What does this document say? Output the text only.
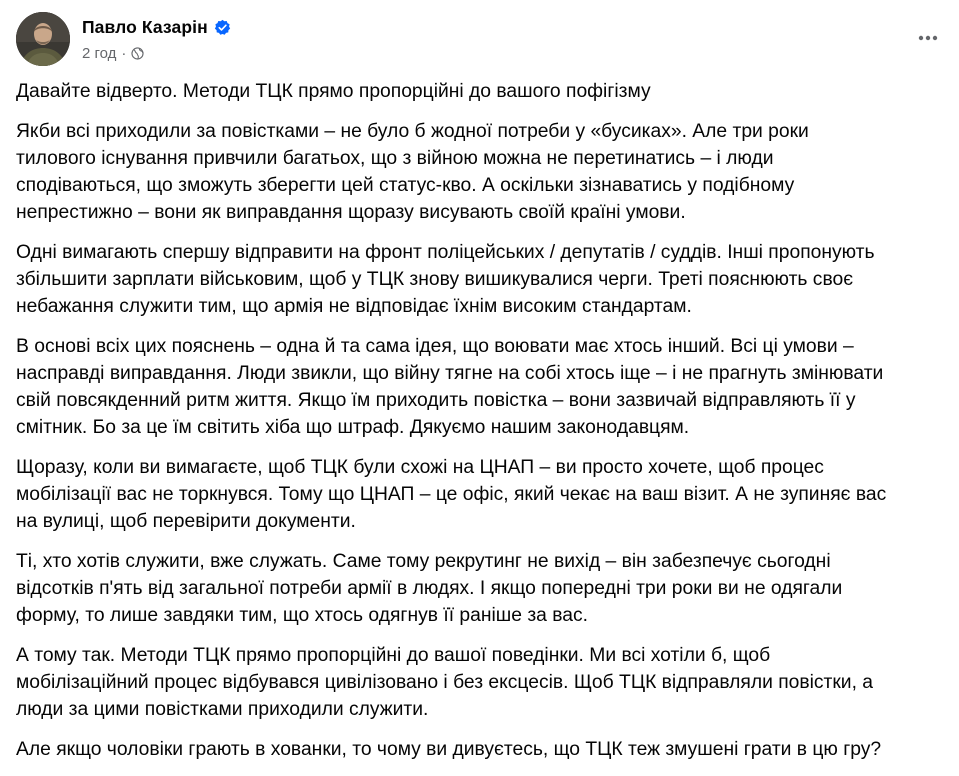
Павло Казарін
2 год ·

Давайте відверто. Методи ТЦК прямо пропорційні до вашого пофігізму

Якби всі приходили за повістками – не було б жодної потреби у «бусиках». Але три роки
тилового існування привчили багатьох, що з війною можна не перетинатись – і люди
сподіваються, що зможуть зберегти цей статус-кво. А оскільки зізнаватись у подібному
непрестижно – вони як виправдання щоразу висувають своїй країні умови.

Одні вимагають спершу відправити на фронт поліцейських / депутатів / суддів. Інші пропонують
збільшити зарплати військовим, щоб у ТЦК знову вишикувалися черги. Треті пояснюють своє
небажання служити тим, що армія не відповідає їхнім високим стандартам.

В основі всіх цих пояснень – одна й та сама ідея, що воювати має хтось інший. Всі ці умови –
насправді виправдання. Люди звикли, що війну тягне на собі хтось іще – і не прагнуть змінювати
свій повсякденний ритм життя. Якщо їм приходить повістка – вони зазвичай відправляють її у
смітник. Бо за це їм світить хіба що штраф. Дякуємо нашим законодавцям.

Щоразу, коли ви вимагаєте, щоб ТЦК були схожі на ЦНАП – ви просто хочете, щоб процес
мобілізації вас не торкнувся. Тому що ЦНАП – це офіс, який чекає на ваш візит. А не зупиняє вас
на вулиці, щоб перевірити документи.

Ті, хто хотів служити, вже служать. Саме тому рекрутинг не вихід – він забезпечує сьогодні
відсотків п'ять від загальної потреби армії в людях. І якщо попередні три роки ви не одягали
форму, то лише завдяки тим, що хтось одягнув її раніше за вас.

А тому так. Методи ТЦК прямо пропорційні до вашої поведінки. Ми всі хотіли б, щоб
мобілізаційний процес відбувався цивілізовано і без ексцесів. Щоб ТЦК відправляли повістки, а
люди за цими повістками приходили служити.

Але якщо чоловіки грають в хованки, то чому ви дивуєтесь, що ТЦК теж змушені грати в цю гру?
